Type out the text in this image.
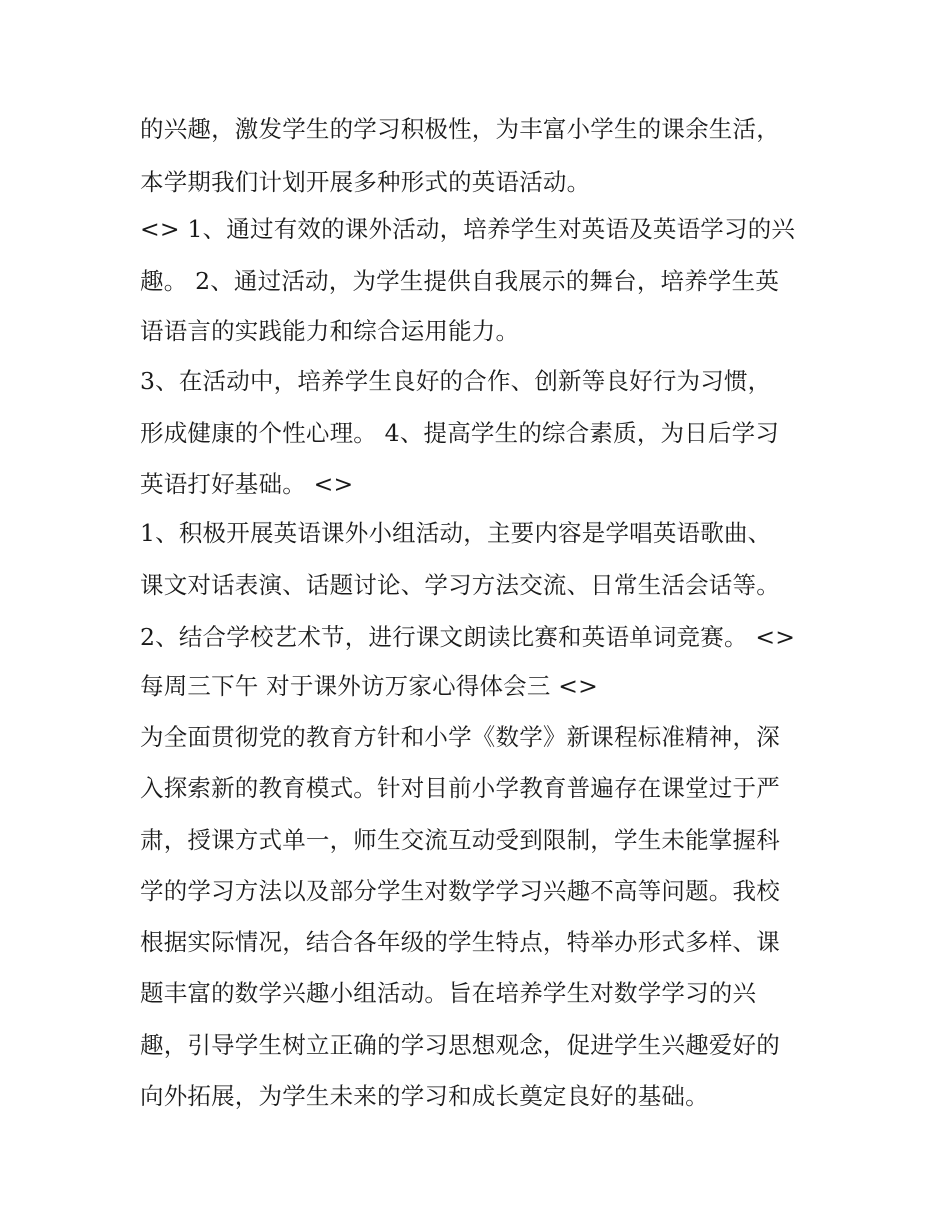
的兴趣，激发学生的学习积极性，为丰富小学生的课余生活，
本学期我们计划开展多种形式的英语活动。
<> 1、通过有效的课外活动，培养学生对英语及英语学习的兴
趣。 2、通过活动，为学生提供自我展示的舞台，培养学生英
语语言的实践能力和综合运用能力。
3、在活动中，培养学生良好的合作、创新等良好行为习惯，
形成健康的个性心理。 4、提高学生的综合素质，为日后学习
英语打好基础。 <>
1、积极开展英语课外小组活动，主要内容是学唱英语歌曲、
课文对话表演、话题讨论、学习方法交流、日常生活会话等。
2、结合学校艺术节，进行课文朗读比赛和英语单词竞赛。 <>
每周三下午 对于课外访万家心得体会三 <>
为全面贯彻党的教育方针和小学《数学》新课程标准精神，深
入探索新的教育模式。针对目前小学教育普遍存在课堂过于严
肃，授课方式单一，师生交流互动受到限制，学生未能掌握科
学的学习方法以及部分学生对数学学习兴趣不高等问题。我校
根据实际情况，结合各年级的学生特点，特举办形式多样、课
题丰富的数学兴趣小组活动。旨在培养学生对数学学习的兴
趣，引导学生树立正确的学习思想观念，促进学生兴趣爱好的
向外拓展，为学生未来的学习和成长奠定良好的基础。
